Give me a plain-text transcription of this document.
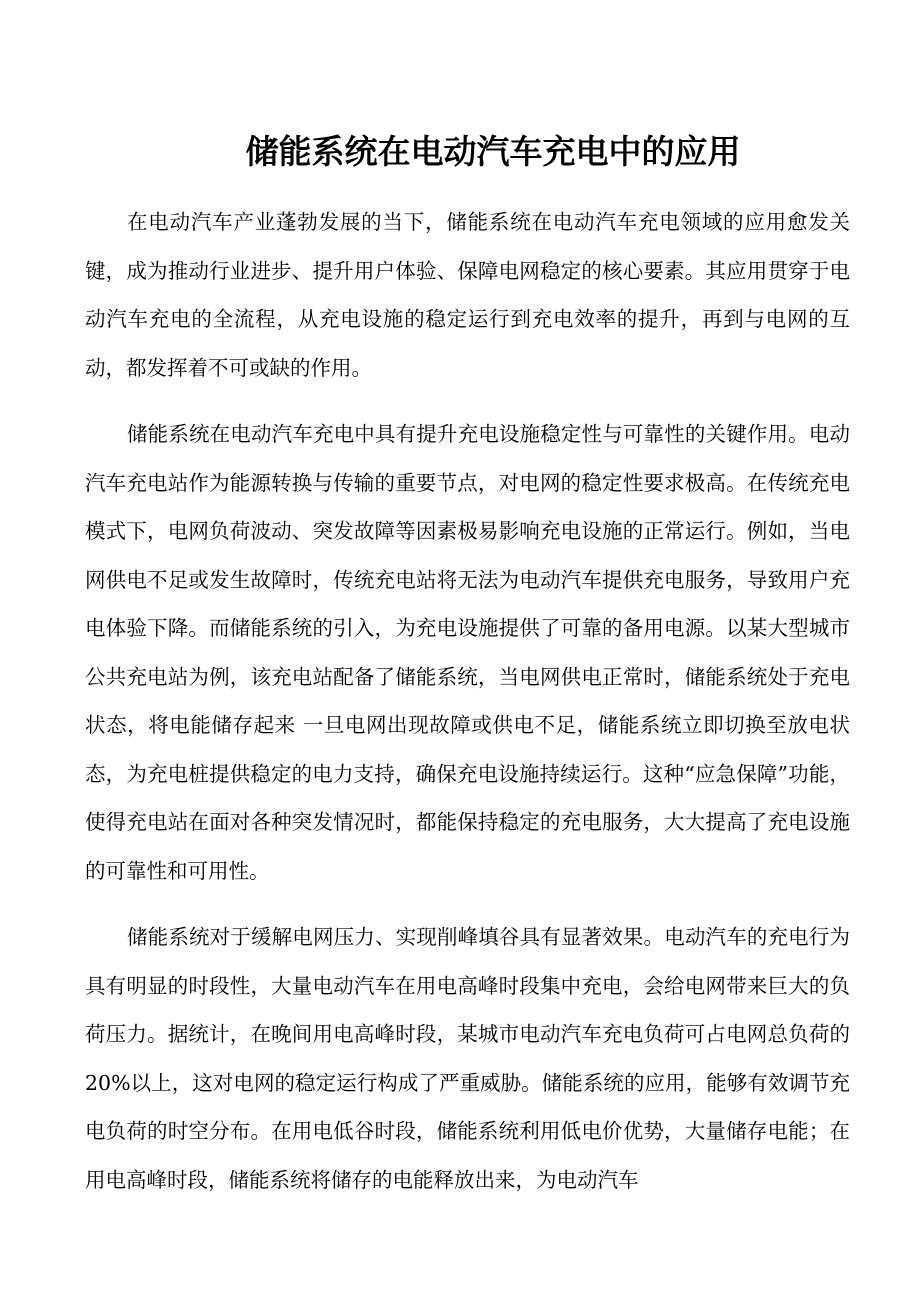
储能系统在电动汽车充电中的应用

在电动汽车产业蓬勃发展的当下，储能系统在电动汽车充电领域的应用愈发关键，成为推动行业进步、提升用户体验、保障电网稳定的核心要素。其应用贯穿于电动汽车充电的全流程，从充电设施的稳定运行到充电效率的提升，再到与电网的互动，都发挥着不可或缺的作用。

储能系统在电动汽车充电中具有提升充电设施稳定性与可靠性的关键作用。电动汽车充电站作为能源转换与传输的重要节点，对电网的稳定性要求极高。在传统充电模式下，电网负荷波动、突发故障等因素极易影响充电设施的正常运行。例如，当电网供电不足或发生故障时，传统充电站将无法为电动汽车提供充电服务，导致用户充电体验下降。而储能系统的引入，为充电设施提供了可靠的备用电源。以某大型城市公共充电站为例，该充电站配备了储能系统，当电网供电正常时，储能系统处于充电状态，将电能储存起来 一旦电网出现故障或供电不足，储能系统立即切换至放电状态，为充电桩提供稳定的电力支持，确保充电设施持续运行。这种“应急保障”功能，使得充电站在面对各种突发情况时，都能保持稳定的充电服务，大大提高了充电设施的可靠性和可用性。

储能系统对于缓解电网压力、实现削峰填谷具有显著效果。电动汽车的充电行为具有明显的时段性，大量电动汽车在用电高峰时段集中充电，会给电网带来巨大的负荷压力。据统计，在晚间用电高峰时段，某城市电动汽车充电负荷可占电网总负荷的 20%以上，这对电网的稳定运行构成了严重威胁。储能系统的应用，能够有效调节充电负荷的时空分布。在用电低谷时段，储能系统利用低电价优势，大量储存电能；在用电高峰时段，储能系统将储存的电能释放出来，为电动汽车
